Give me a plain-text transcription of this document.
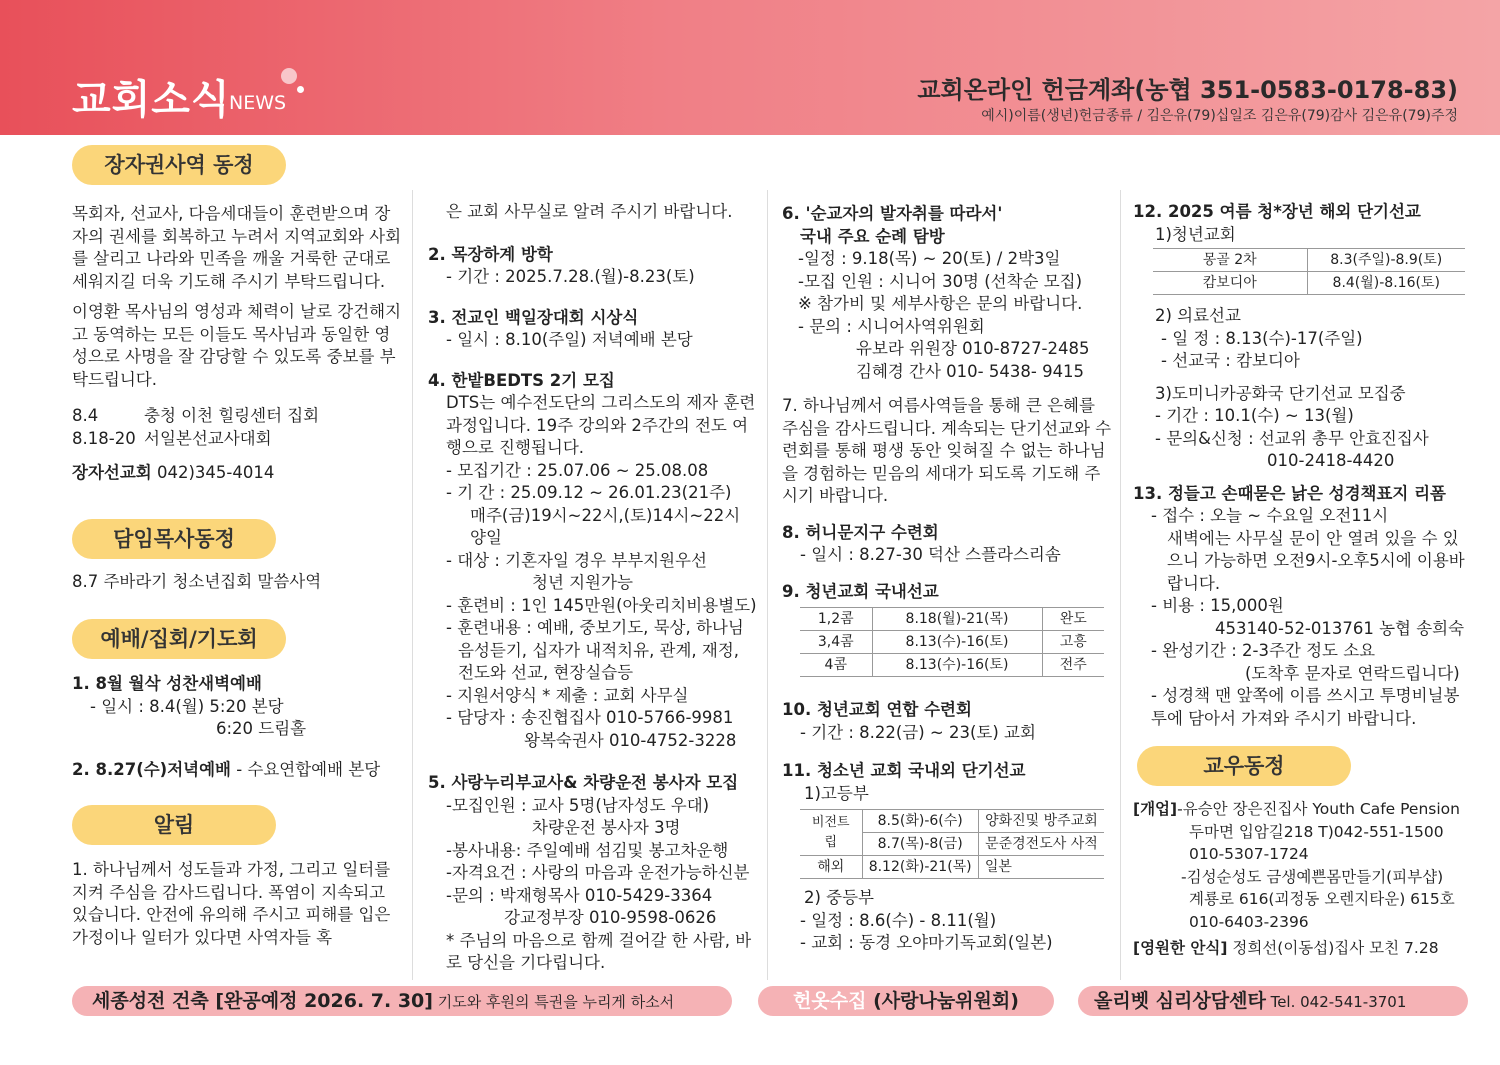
교회소식
NEWS	교회온라인 헌금계좌(농협 351-0583-0178-83)
예시)이름(생년)헌금종류 / 김은유(79)십일조 김은유(79)감사 김은유(79)주정
장자권사역 동정
목회자, 선교사, 다음세대들이 훈련받으며 장자의 권세를 회복하고 누려서 지역교회와 사회를 살리고 나라와 민족을 깨울 거룩한 군대로 세워지길 더욱 기도해 주시기 부탁드립니다.
이영환 목사님의 영성과 체력이 날로 강건해지고 동역하는 모든 이들도 목사님과 동일한 영성으로 사명을 잘 감당할 수 있도록 중보를 부탁드립니다.
8.4	충청 이천 힐링센터 집회
8.18-20 서일본선교사대회
장자선교회 042)345-4014
담임목사동정
8.7 주바라기 청소년집회 말씀사역
예배/집회/기도회
1. 8월 월삭 성찬새벽예배
- 일시 : 8.4(월) 5:20 본당
6:20 드림홀
2. 8.27(수)저녁예배 - 수요연합예배 본당
알림
1. 하나님께서 성도들과 가정, 그리고 일터를 지켜 주심을 감사드립니다. 폭염이 지속되고 있습니다. 안전에 유의해 주시고 피해를 입은 가정이나 일터가 있다면 사역자들 혹
은 교회 사무실로 알려 주시기 바랍니다.
2. 목장하계 방학
- 기간 : 2025.7.28.(월)-8.23(토)
3. 전교인 백일장대회 시상식
- 일시 : 8.10(주일) 저녁예배 본당
4. 한밭BEDTS 2기 모집
DTS는 예수전도단의 그리스도의 제자 훈련과정입니다. 19주 강의와 2주간의 전도 여행으로 진행됩니다.
- 모집기간 : 25.07.06 ~ 25.08.08
- 기 간 : 25.09.12 ~ 26.01.23(21주)
매주(금)19시~22시,(토)14시~22시 양일
- 대상 : 기혼자일 경우 부부지원우선
청년 지원가능
- 훈련비 : 1인 145만원(아웃리치비용별도)
- 훈련내용 : 예배, 중보기도, 묵상, 하나님
음성듣기, 십자가 내적치유, 관계, 재정, 전도와 선교, 현장실습등
- 지원서양식 * 제출 : 교회 사무실
- 담당자 : 송진협집사 010-5766-9981
왕복숙권사 010-4752-3228
5. 사랑누리부교사& 차량운전 봉사자 모집
-모집인원 : 교사 5명(남자성도 우대)
차량운전 봉사자 3명
-봉사내용: 주일예배 섬김및 봉고차운행
-자격요건 : 사랑의 마음과 운전가능하신분
-문의 : 박재형목사 010-5429-3364
강교정부장 010-9598-0626
* 주님의 마음으로 함께 걸어갈 한 사람, 바로 당신을 기다립니다.
6. '순교자의 발자취를 따라서'
국내 주요 순례 탐방
-일정 : 9.18(목) ~ 20(토) / 2박3일
-모집 인원 : 시니어 30명 (선착순 모집)
※ 참가비 및 세부사항은 문의 바랍니다.
- 문의 : 시니어사역위원회
유보라 위원장 010-8727-2485
김혜경 간사 010- 5438- 9415
7. 하나님께서 여름사역들을 통해 큰 은혜를 주심을 감사드립니다. 계속되는 단기선교와 수련회를 통해 평생 동안 잊혀질 수 없는 하나님을 경험하는 믿음의 세대가 되도록 기도해 주시기 바랍니다.
8. 허니문지구 수련회
- 일시 : 8.27-30 덕산 스플라스리솜
9. 청년교회 국내선교
1,2콤	8.18(월)-21(목)	완도
3,4콤	8.13(수)-16(토)	고흥
4콤	8.13(수)-16(토)	전주
10. 청년교회 연합 수련회
- 기간 : 8.22(금) ~ 23(토) 교회
11. 청소년 교회 국내외 단기선교
1)고등부
비전트립	8.5(화)-6(수)	양화진및 방주교회
	8.7(목)-8(금)	문준경전도사 사적
해외	8.12(화)-21(목)	일본
2) 중등부
- 일정 : 8.6(수) - 8.11(월)
- 교회 : 동경 오야마기독교회(일본)
12. 2025 여름 청*장년 해외 단기선교
1)청년교회
몽골 2차	8.3(주일)-8.9(토)
캄보디아	8.4(월)-8.16(토)
2) 의료선교
- 일 정 : 8.13(수)-17(주일)
- 선교국 : 캄보디아
3)도미니카공화국 단기선교 모집중
- 기간 : 10.1(수) ~ 13(월)
- 문의&신청 : 선교위 총무 안효진집사
010-2418-4420
13. 정들고 손때묻은 낡은 성경책표지 리폼
- 접수 : 오늘 ~ 수요일 오전11시
새벽에는 사무실 문이 안 열려 있을 수 있으니 가능하면 오전9시-오후5시에 이용바랍니다.
- 비용 : 15,000원
453140-52-013761 농협 송희숙
- 완성기간 : 2-3주간 정도 소요
(도착후 문자로 연락드립니다)
- 성경책 맨 앞쪽에 이름 쓰시고 투명비닐봉투에 담아서 가져와 주시기 바랍니다.
교우동정
[개업]-유승안 장은진집사 Youth Cafe Pension
두마면 입암길218 T)042-551-1500
010-5307-1724
-김성순성도 금생예쁜몸만들기(피부샵)
계룡로 616(괴정동 오렌지타운) 615호
010-6403-2396
[영원한 안식] 정희선(이동섭)집사 모친 7.28
세종성전 건축 [완공예정 2026. 7. 30] 기도와 후원의 특권을 누리게 하소서	헌옷수집 (사랑나눔위원회)	올리벳 심리상담센타 Tel. 042-541-3701
